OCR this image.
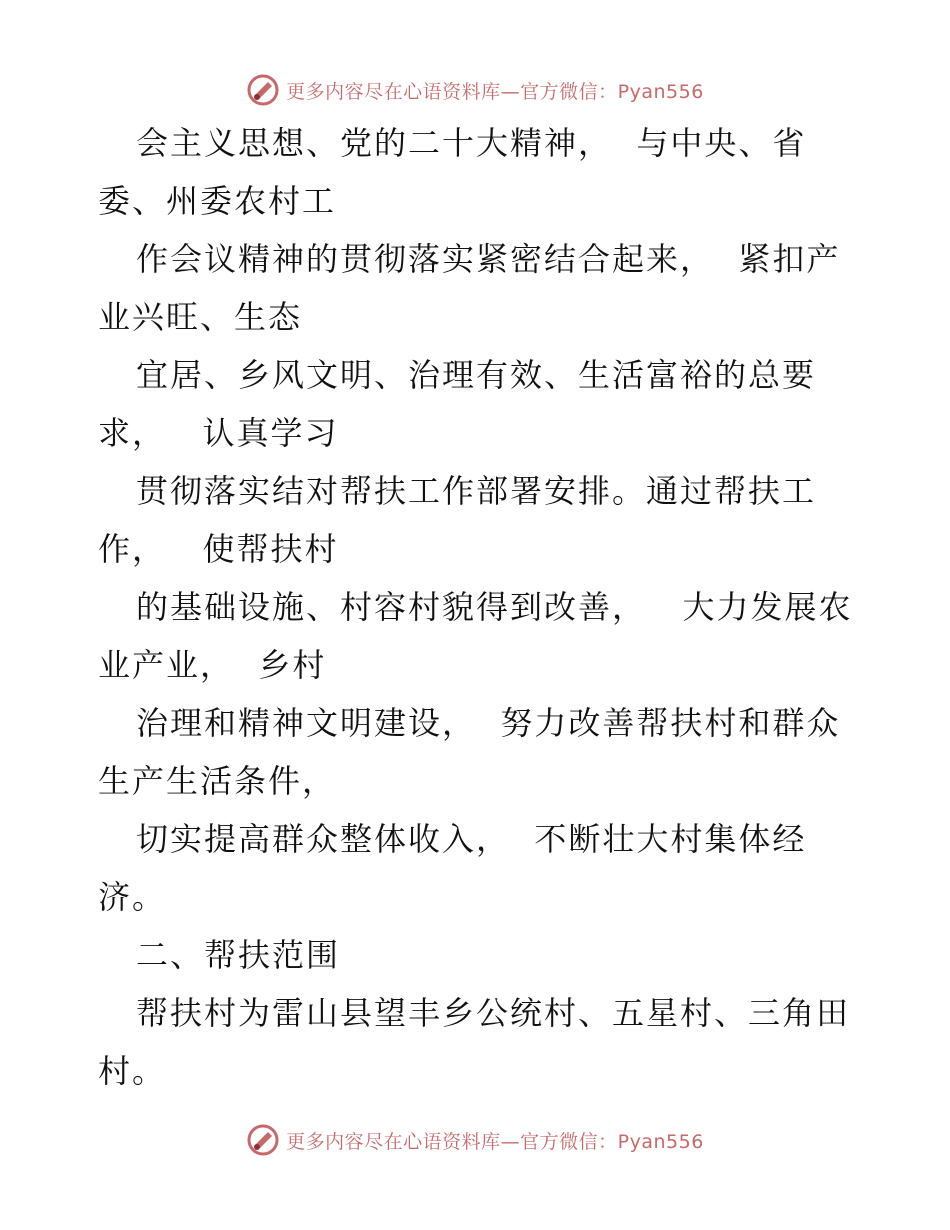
更多内容尽在心语资料库—官方微信：Pyan556
会主义思想、党的二十大精神，  与中央、省
委、州委农村工
作会议精神的贯彻落实紧密结合起来，  紧扣产
业兴旺、生态
宜居、乡风文明、治理有效、生活富裕的总要
求，   认真学习
贯彻落实结对帮扶工作部署安排。通过帮扶工
作，   使帮扶村
的基础设施、村容村貌得到改善，   大力发展农
业产业，  乡村
治理和精神文明建设，  努力改善帮扶村和群众
生产生活条件，
切实提高群众整体收入，  不断壮大村集体经
济。
二、帮扶范围
帮扶村为雷山县望丰乡公统村、五星村、三角田
村。
更多内容尽在心语资料库—官方微信：Pyan556
